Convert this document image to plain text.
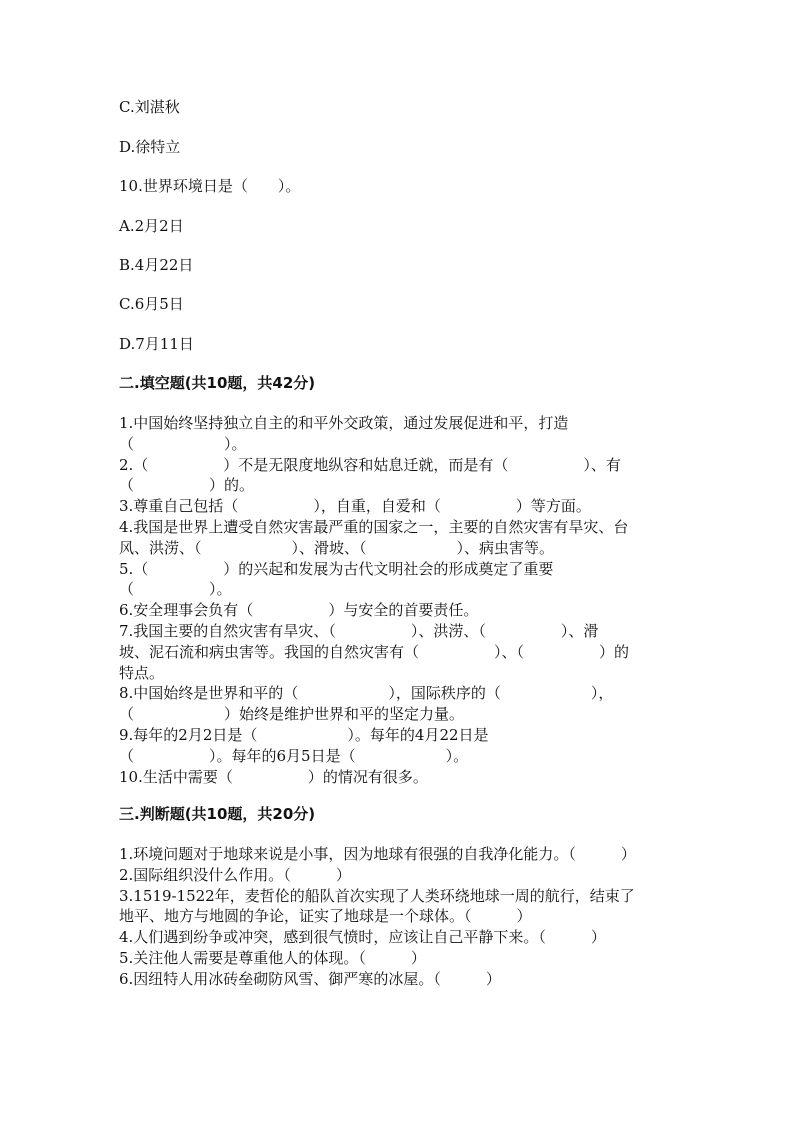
C.刘湛秋
D.徐特立
10.世界环境日是（　　）。
A.2月2日
B.4月22日
C.6月5日
D.7月11日
二.填空题(共10题，共42分)
1.中国始终坚持独立自主的和平外交政策，通过发展促进和平，打造
（　　　　　　）。
2.（　　　　　）不是无限度地纵容和姑息迁就，而是有（　　　　　）、有
（　　　　　）的。
3.尊重自己包括（　　　　　），自重，自爱和（　　　　　）等方面。
4.我国是世界上遭受自然灾害最严重的国家之一，主要的自然灾害有旱灾、台
风、洪涝、（　　　　　　）、滑坡、（　　　　　　）、病虫害等。
5.（　　　　　）的兴起和发展为古代文明社会的形成奠定了重要
（　　　　　）。
6.安全理事会负有（　　　　　）与安全的首要责任。
7.我国主要的自然灾害有旱灾、（　　　　　）、洪涝、（　　　　　）、滑
坡、泥石流和病虫害等。我国的自然灾害有（　　　　　）、（　　　　　）的
特点。
8.中国始终是世界和平的（　　　　　　），国际秩序的（　　　　　　），
（　　　　　　）始终是维护世界和平的坚定力量。
9.每年的2月2日是（　　　　　　）。每年的4月22日是
（　　　　　）。每年的6月5日是（　　　　　　）。
10.生活中需要（　　　　　）的情况有很多。
三.判断题(共10题，共20分)
1.环境问题对于地球来说是小事，因为地球有很强的自我净化能力。（　　　）
2.国际组织没什么作用。（　　　）
3.1519-1522年，麦哲伦的船队首次实现了人类环绕地球一周的航行，结束了
地平、地方与地圆的争论，证实了地球是一个球体。（　　　）
4.人们遇到纷争或冲突，感到很气愤时，应该让自己平静下来。（　　　）
5.关注他人需要是尊重他人的体现。（　　　）
6.因纽特人用冰砖垒砌防风雪、御严寒的冰屋。（　　　）
